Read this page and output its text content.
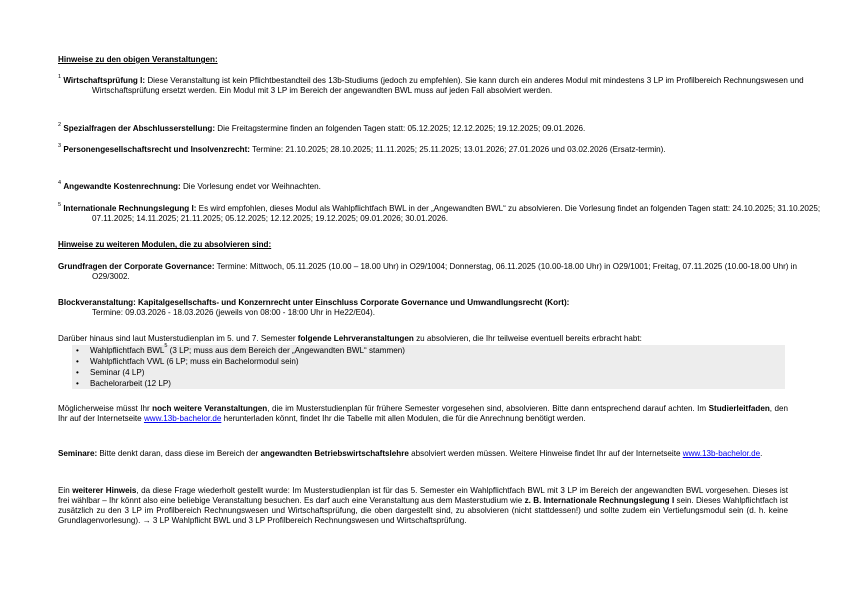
Hinweise zu den obigen Veranstaltungen:
$^1$ Wirtschaftsprüfung I: Diese Veranstaltung ist kein Pflichtbestandteil des 13b-Studiums (jedoch zu empfehlen). Sie kann durch ein anderes Modul mit mindestens 3 LP im Profilbereich Rechnungswesen und Wirtschaftsprüfung ersetzt werden. Ein Modul mit 3 LP im Bereich der angewandten BWL muss auf jeden Fall absolviert werden.
$^2$ Spezialfragen der Abschlusserstellung: Die Freitagstermine finden an folgenden Tagen statt: 05.12.2025; 12.12.2025; 19.12.2025; 09.01.2026.
$^3$ Personengesellschaftsrecht und Insolvenzrecht: Termine: 21.10.2025; 28.10.2025; 11.11.2025; 25.11.2025; 13.01.2026; 27.01.2026 und 03.02.2026 (Ersatz-termin).
$^4$ Angewandte Kostenrechnung: Die Vorlesung endet vor Weihnachten.
$^5$ Internationale Rechnungslegung I: Es wird empfohlen, dieses Modul als Wahlpflichtfach BWL in der „Angewandten BWL“ zu absolvieren. Die Vorlesung findet an folgenden Tagen statt: 24.10.2025; 31.10.2025; 07.11.2025; 14.11.2025; 21.11.2025; 05.12.2025; 12.12.2025; 19.12.2025; 09.01.2026; 30.01.2026.
Hinweise zu weiteren Modulen, die zu absolvieren sind:
Grundfragen der Corporate Governance: Termine: Mittwoch, 05.11.2025 (10.00 – 18.00 Uhr) in O29/1004; Donnerstag, 06.11.2025 (10.00-18.00 Uhr) in O29/1001; Freitag, 07.11.2025 (10.00-18.00 Uhr) in O29/3002.
Blockveranstaltung: Kapitalgesellschafts- und Konzernrecht unter Einschluss Corporate Governance und Umwandlungsrecht (Kort):
Termine: 09.03.2026 - 18.03.2026 (jeweils von 08:00 - 18:00 Uhr in He22/E04).
Darüber hinaus sind laut Musterstudienplan im 5. und 7. Semester folgende Lehrveranstaltungen zu absolvieren, die Ihr teilweise eventuell bereits erbracht habt:
• Wahlpflichtfach BWL$^5$ (3 LP; muss aus dem Bereich der „Angewandten BWL“ stammen)
• Wahlpflichtfach VWL (6 LP; muss ein Bachelormodul sein)
• Seminar (4 LP)
• Bachelorarbeit (12 LP)
Möglicherweise müsst Ihr noch weitere Veranstaltungen, die im Musterstudienplan für frühere Semester vorgesehen sind, absolvieren. Bitte dann entsprechend darauf achten. Im Studierleitfaden, den Ihr auf der Internetseite www.13b-bachelor.de herunterladen könnt, findet Ihr die Tabelle mit allen Modulen, die für die Anrechnung benötigt werden.
Seminare: Bitte denkt daran, dass diese im Bereich der angewandten Betriebswirtschaftslehre absolviert werden müssen. Weitere Hinweise findet Ihr auf der Internetseite www.13b-bachelor.de.
Ein weiterer Hinweis, da diese Frage wiederholt gestellt wurde: Im Musterstudienplan ist für das 5. Semester ein Wahlpflichtfach BWL mit 3 LP im Bereich der angewandten BWL vorgesehen. Dieses ist frei wählbar – Ihr könnt also eine beliebige Veranstaltung besuchen. Es darf auch eine Veranstaltung aus dem Masterstudium wie z. B. Internationale Rechnungslegung I sein. Dieses Wahlpflichtfach ist zusätzlich zu den 3 LP im Profilbereich Rechnungswesen und Wirtschaftsprüfung, die oben dargestellt sind, zu absolvieren (nicht stattdessen!) und sollte zudem ein Vertiefungsmodul sein (d. h. keine Grundlagenvorlesung). → 3 LP Wahlpflicht BWL und 3 LP Profilbereich Rechnungswesen und Wirtschaftsprüfung.
